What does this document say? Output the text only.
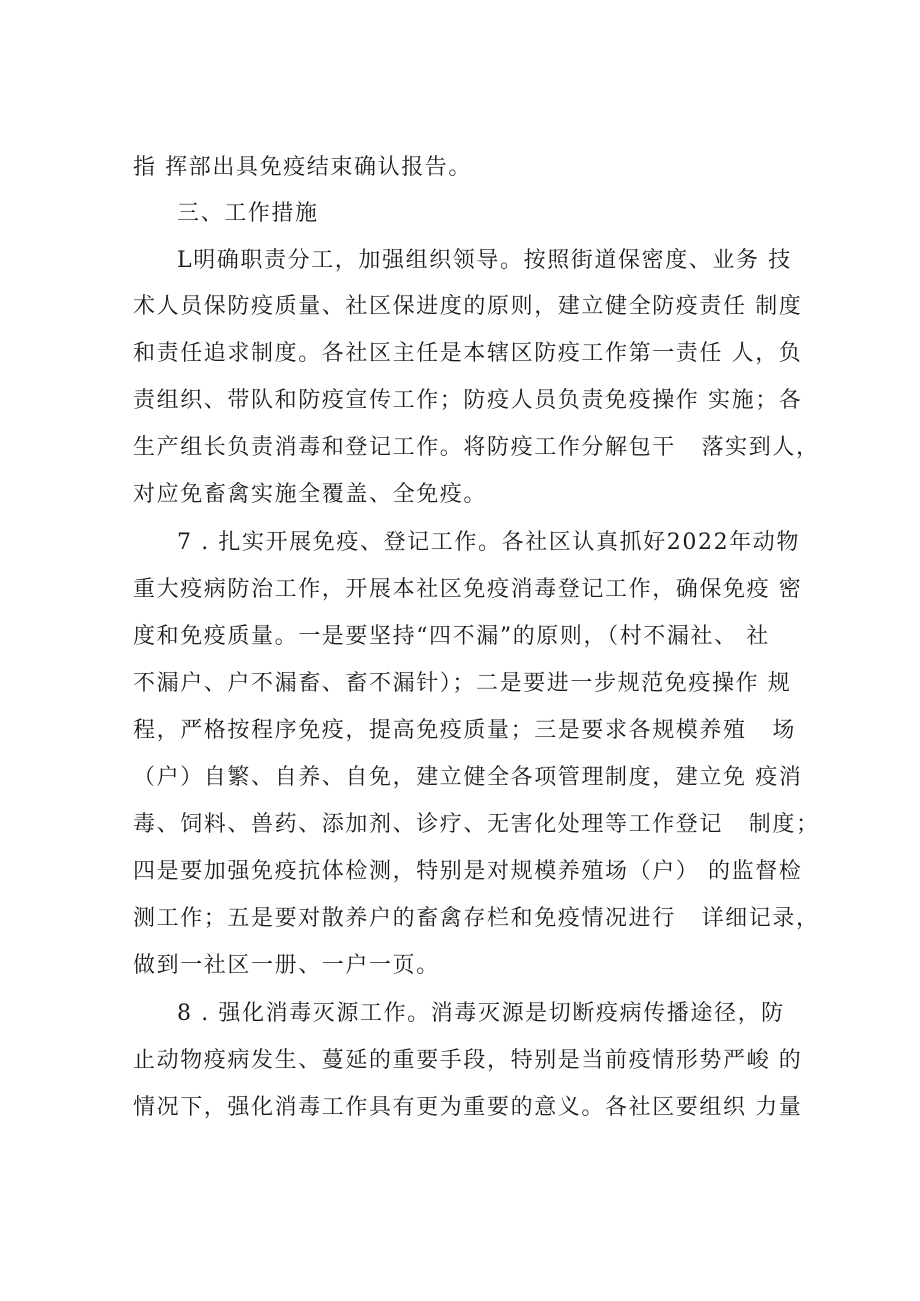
指 挥部出具免疫结束确认报告。
三、工作措施
L明确职责分工，加强组织领导。按照街道保密度、业务 技
术人员保防疫质量、社区保进度的原则，建立健全防疫责任 制度
和责任追求制度。各社区主任是本辖区防疫工作第一责任 人，负
责组织、带队和防疫宣传工作；防疫人员负责免疫操作 实施；各
生产组长负责消毒和登记工作。将防疫工作分解包干   落实到人，
对应免畜禽实施全覆盖、全免疫。
7 . 扎实开展免疫、登记工作。各社区认真抓好2022年动物
重大疫病防治工作，开展本社区免疫消毒登记工作，确保免疫 密
度和免疫质量。一是要坚持“四不漏”的原则，（村不漏社、 社
不漏户、户不漏畜、畜不漏针）；二是要进一步规范免疫操作 规
程，严格按程序免疫，提高免疫质量；三是要求各规模养殖   场
（户）自繁、自养、自免，建立健全各项管理制度，建立免 疫消
毒、饲料、兽药、添加剂、诊疗、无害化处理等工作登记   制度；
四是要加强免疫抗体检测，特别是对规模养殖场（户） 的监督检
测工作；五是要对散养户的畜禽存栏和免疫情况进行   详细记录，
做到一社区一册、一户一页。
8 . 强化消毒灭源工作。消毒灭源是切断疫病传播途径，防
止动物疫病发生、蔓延的重要手段，特别是当前疫情形势严峻 的
情况下，强化消毒工作具有更为重要的意义。各社区要组织 力量
